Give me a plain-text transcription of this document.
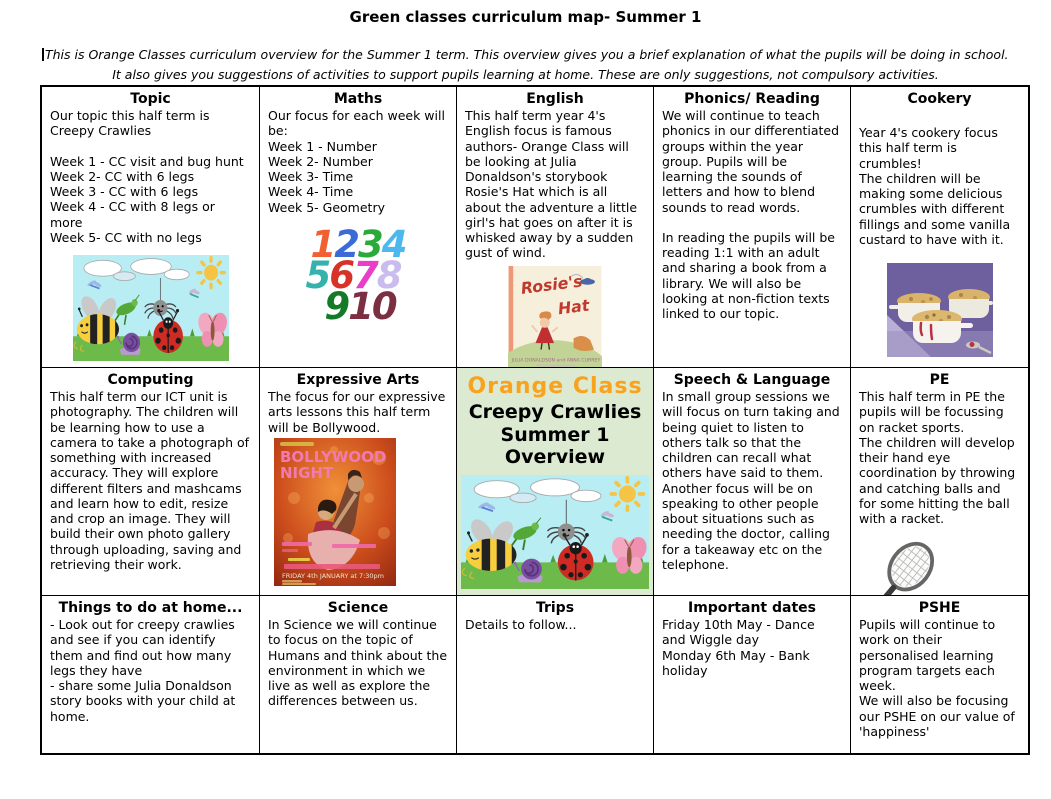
Green classes curriculum map- Summer 1
This is Orange Classes curriculum overview for the Summer 1 term. This overview gives you a brief explanation of what the pupils will be doing in school.
It also gives you suggestions of activities to support pupils learning at home. These are only suggestions, not compulsory activities.
Topic
Our topic this half term is Creepy Crawlies
Week 1 - CC visit and bug hunt
Week 2- CC with 6 legs
Week 3 - CC with 6 legs
Week 4 - CC with 8 legs or more
Week 5- CC with no legs
Maths
Our focus for each week will be:
Week 1 - Number
Week 2- Number
Week 3- Time
Week 4- Time
Week 5- Geometry
1234
5678
910
English
This half term year 4's English focus is famous authors- Orange Class will be looking at Julia Donaldson's storybook Rosie's Hat which is all about the adventure a little girl's hat goes on after it is whisked away by a sudden gust of wind.
Rosie's
Hat
JULIA DONALDSON and ANNA CURREY
Phonics/ Reading
We will continue to teach phonics in our differentiated groups within the year group. Pupils will be learning the sounds of letters and how to blend sounds to read words.
In reading the pupils will be reading 1:1 with an adult and sharing a book from a library. We will also be looking at non-fiction texts linked to our topic.
Cookery
Year 4's cookery focus this half term is crumbles!
The children will be making some delicious crumbles with different fillings and some vanilla custard to have with it.
Computing
This half term our ICT unit is photography. The children will be learning how to use a camera to take a photograph of something with increased accuracy. They will explore different filters and mashcams and learn how to edit, resize and crop an image. They will build their own photo gallery through uploading, saving and retrieving their work.
Expressive Arts
The focus for our expressive arts lessons this half term will be Bollywood.
BOLLYWOOD
NIGHT
FRIDAY 4th JANUARY at 7:30pm
Orange Class
Creepy Crawlies
Summer 1 Overview
Speech & Language
In small group sessions we will focus on turn taking and being quiet to listen to others talk so that the children can recall what others have said to them. Another focus will be on speaking to other people about situations such as needing the doctor, calling for a takeaway etc on the telephone.
PE
This half term in PE the pupils will be focussing on racket sports.
The children will develop their hand eye coordination by throwing and catching balls and for some hitting the ball with a racket.
Things to do at home...
- Look out for creepy crawlies and see if you can identify them and find out how many legs they have
- share some Julia Donaldson story books with your child at home.
Science
In Science we will continue to focus on the topic of Humans and think about the environment in which we live as well as explore the differences between us.
Trips
Details to follow...
Important dates
Friday 10th May - Dance and Wiggle day
Monday 6th May - Bank holiday
PSHE
Pupils will continue to work on their personalised learning program targets each week.
We will also be focusing our PSHE on our value of 'happiness'
